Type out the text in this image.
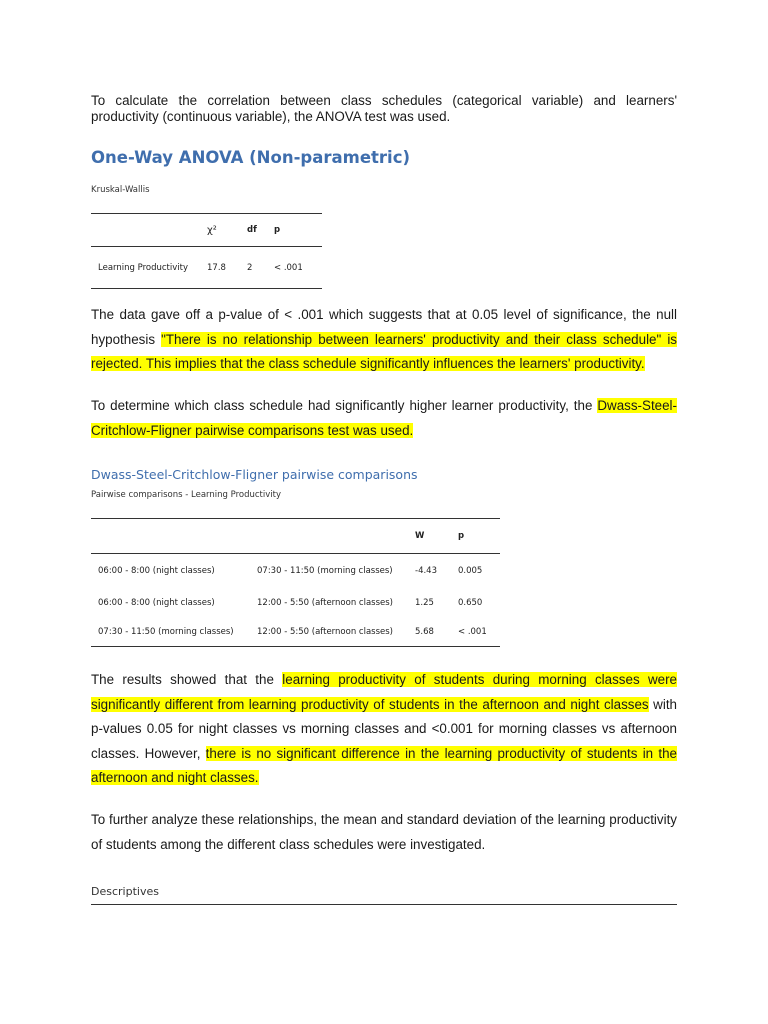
To calculate the correlation between class schedules (categorical variable) and learners' productivity (continuous variable), the ANOVA test was used.

One-Way ANOVA (Non-parametric)
Kruskal-Wallis
	χ²	df	p
Learning Productivity	17.8	2	< .001

The data gave off a p-value of < .001 which suggests that at 0.05 level of significance, the null hypothesis "There is no relationship between learners' productivity and their class schedule" is rejected. This implies that the class schedule significantly influences the learners' productivity.

To determine which class schedule had significantly higher learner productivity, the Dwass-Steel-Critchlow-Fligner pairwise comparisons test was used.

Dwass-Steel-Critchlow-Fligner pairwise comparisons
Pairwise comparisons - Learning Productivity
		W	p
06:00 - 8:00 (night classes)	07:30 - 11:50 (morning classes)	-4.43	0.005
06:00 - 8:00 (night classes)	12:00 - 5:50 (afternoon classes)	1.25	0.650
07:30 - 11:50 (morning classes)	12:00 - 5:50 (afternoon classes)	5.68	< .001

The results showed that the learning productivity of students during morning classes were significantly different from learning productivity of students in the afternoon and night classes with p-values 0.05 for night classes vs morning classes and <0.001 for morning classes vs afternoon classes. However, there is no significant difference in the learning productivity of students in the afternoon and night classes.

To further analyze these relationships, the mean and standard deviation of the learning productivity of students among the different class schedules were investigated.

Descriptives
